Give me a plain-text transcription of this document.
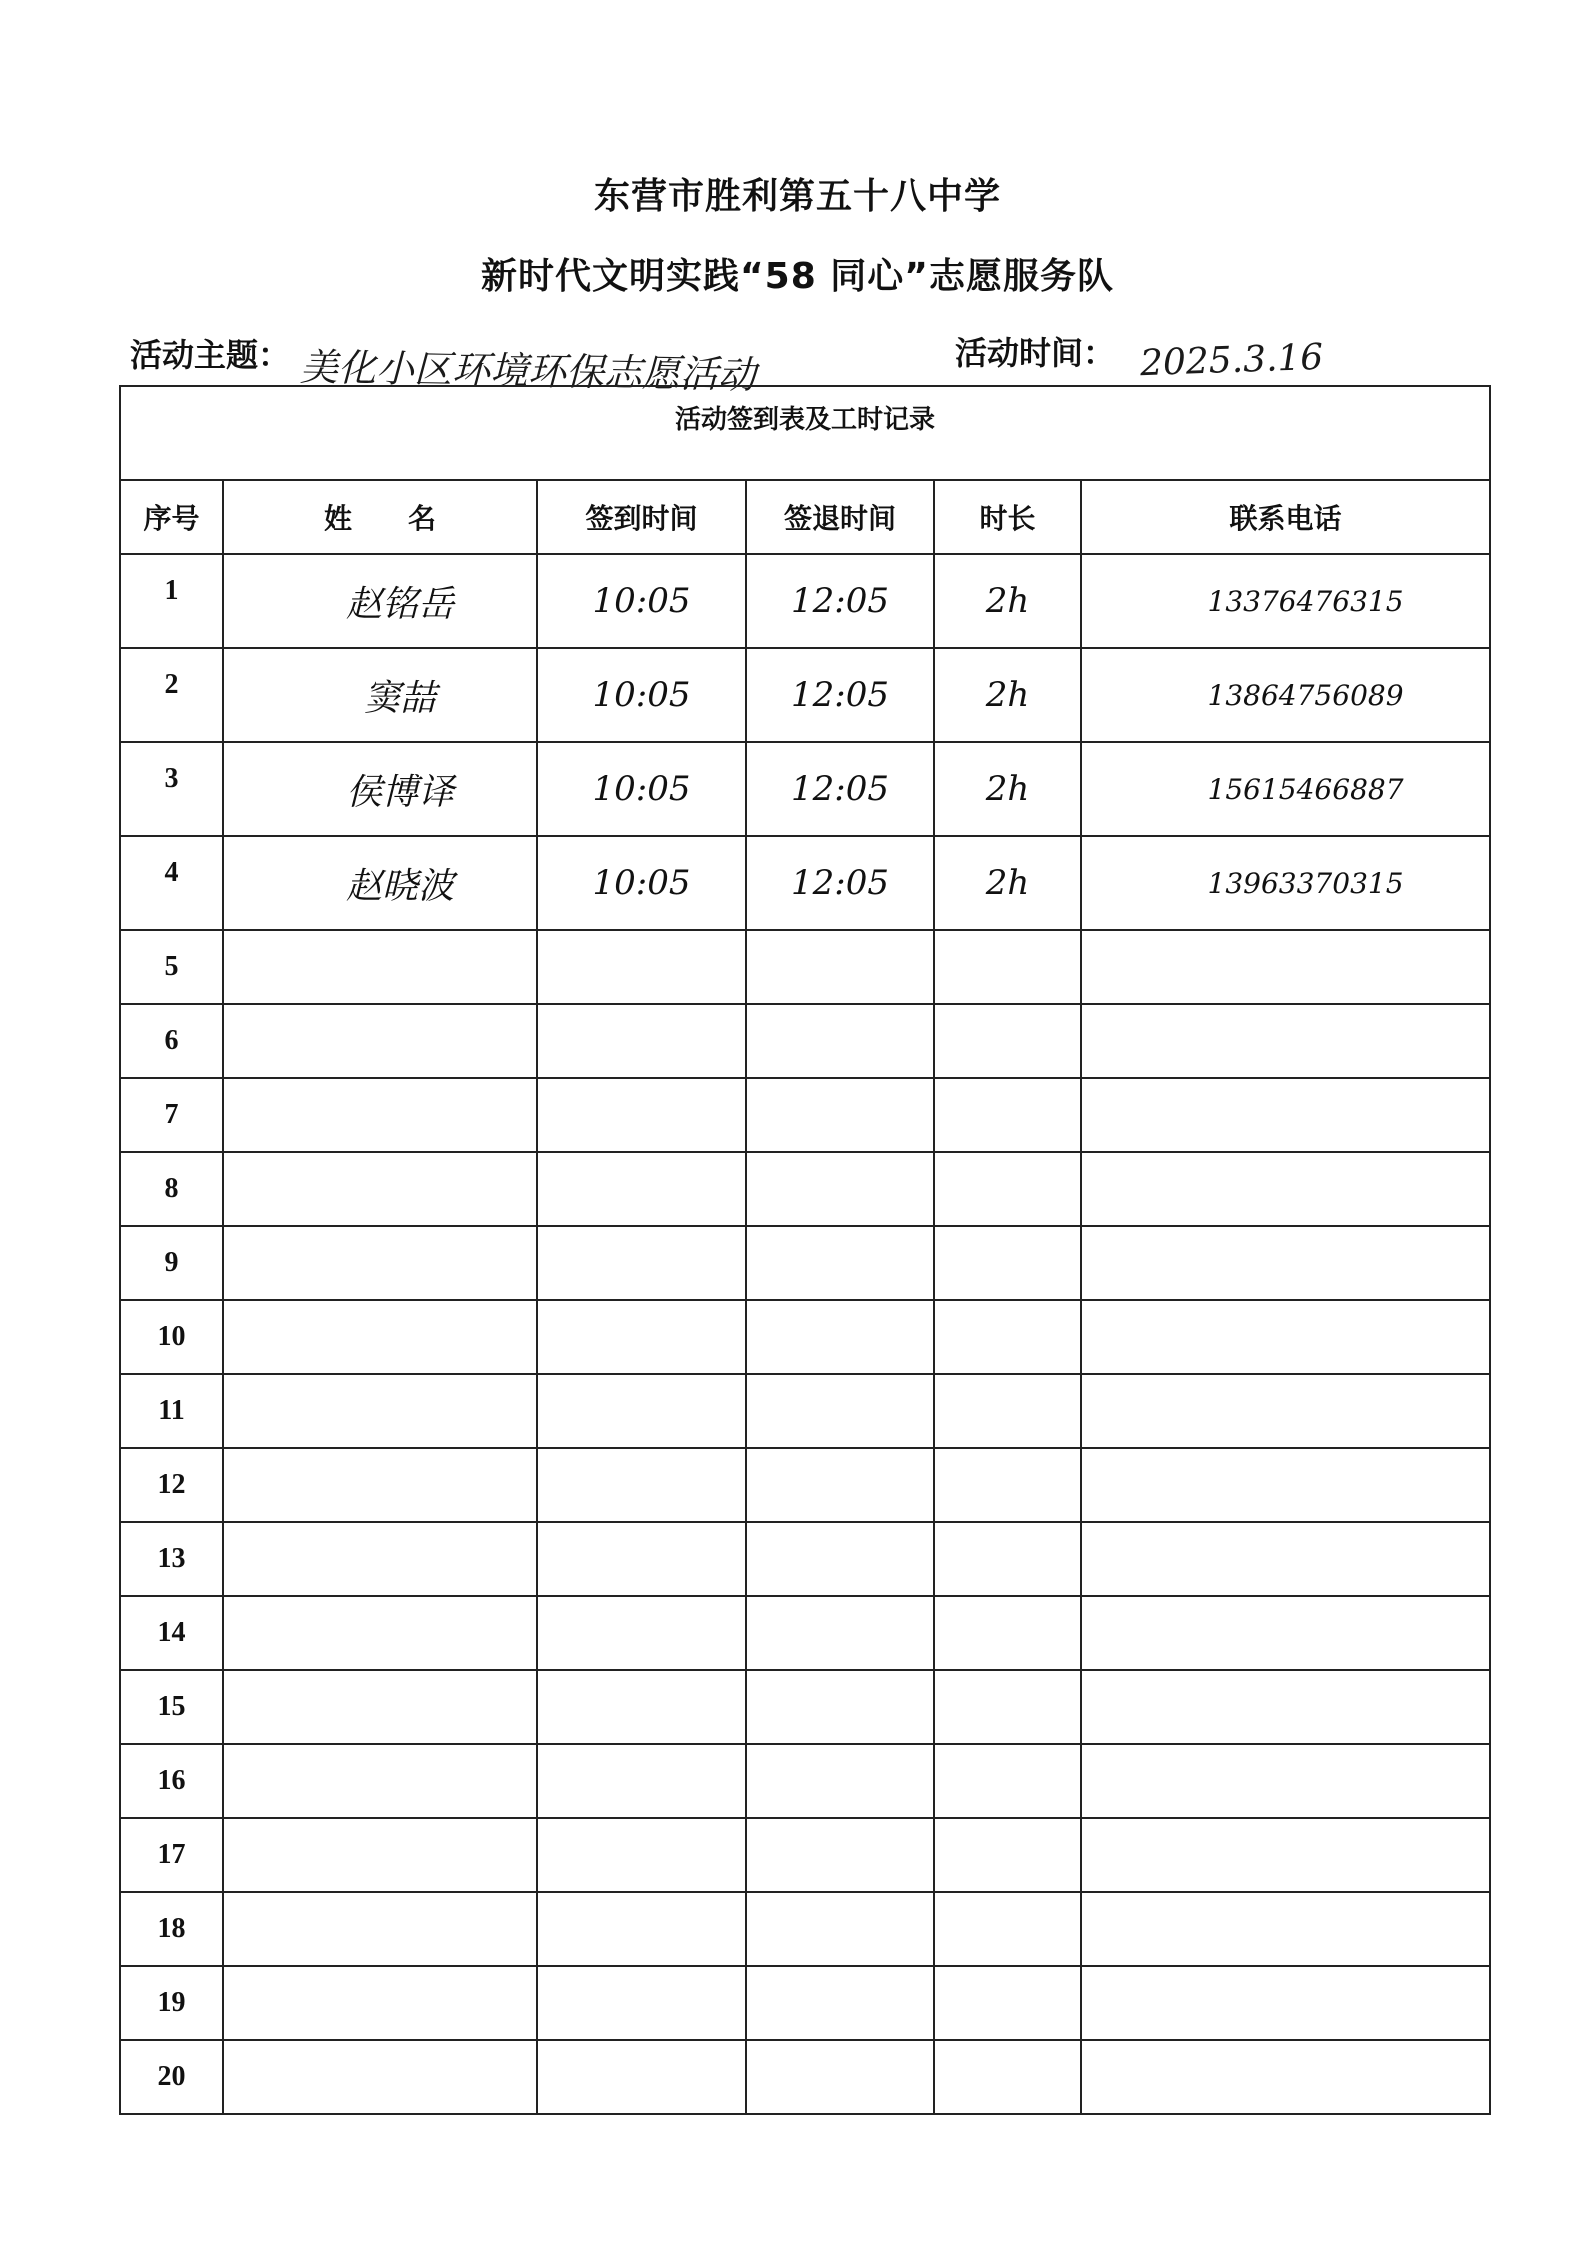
东营市胜利第五十八中学
新时代文明实践“58 同心”志愿服务队
活动主题： 美化小区环境环保志愿活动	活动时间： 2025.3.16
活动签到表及工时记录					
序号	姓　　名	签到时间	签退时间	时长	联系电话
1	赵铭岳	10:05	12:05	2h	13376476315
2	窦喆	10:05	12:05	2h	13864756089
3	侯博译	10:05	12:05	2h	15615466887
4	赵晓波	10:05	12:05	2h	13963370315
5					
6					
7					
8					
9					
10					
11					
12					
13					
14					
15					
16					
17					
18					
19					
20					
